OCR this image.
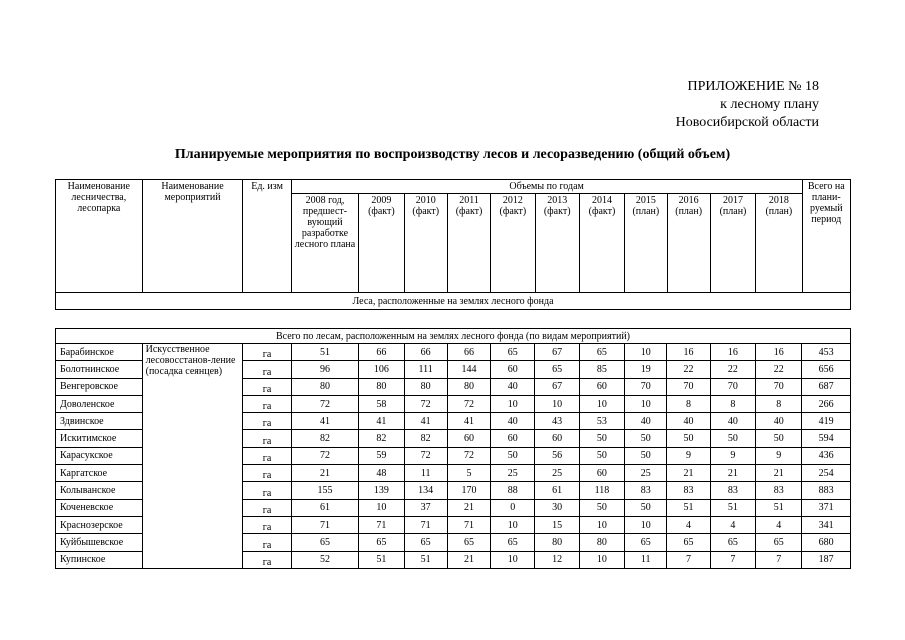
ПРИЛОЖЕНИЕ № 18
к лесному плану
Новосибирской области
Планируемые мероприятия по воспроизводству лесов и лесоразведению (общий объем)
Наименование лесничества, лесопарка	Наименование мероприятий	Ед. изм	Объемы по годам											Всего на плани-руемый период
			2008 год, предшест-вующий разработке лесного плана	2009 (факт)	2010 (факт)	2011 (факт)	2012 (факт)	2013 (факт)	2014 (факт)	2015 (план)	2016 (план)	2017 (план)	2018 (план)	
Леса, расположенные на землях лесного фонда														
Всего по лесам, расположенным на землях лесного фонда (по видам мероприятий)														
Барабинское	Искусственное лесовосстанов-ление (посадка сеянцев)	га	51	66	66	66	65	67	65	10	16	16	16	453
Болотнинское		га	96	106	111	144	60	65	85	19	22	22	22	656
Венгеровское		га	80	80	80	80	40	67	60	70	70	70	70	687
Доволенское		га	72	58	72	72	10	10	10	10	8	8	8	266
Здвинское		га	41	41	41	41	40	43	53	40	40	40	40	419
Искитимское		га	82	82	82	60	60	60	50	50	50	50	50	594
Карасукское		га	72	59	72	72	50	56	50	50	9	9	9	436
Каргатское		га	21	48	11	5	25	25	60	25	21	21	21	254
Колыванское		га	155	139	134	170	88	61	118	83	83	83	83	883
Коченевское		га	61	10	37	21	0	30	50	50	51	51	51	371
Краснозерское		га	71	71	71	71	10	15	10	10	4	4	4	341
Куйбышевское		га	65	65	65	65	65	80	80	65	65	65	65	680
Купинское		га	52	51	51	21	10	12	10	11	7	7	7	187
